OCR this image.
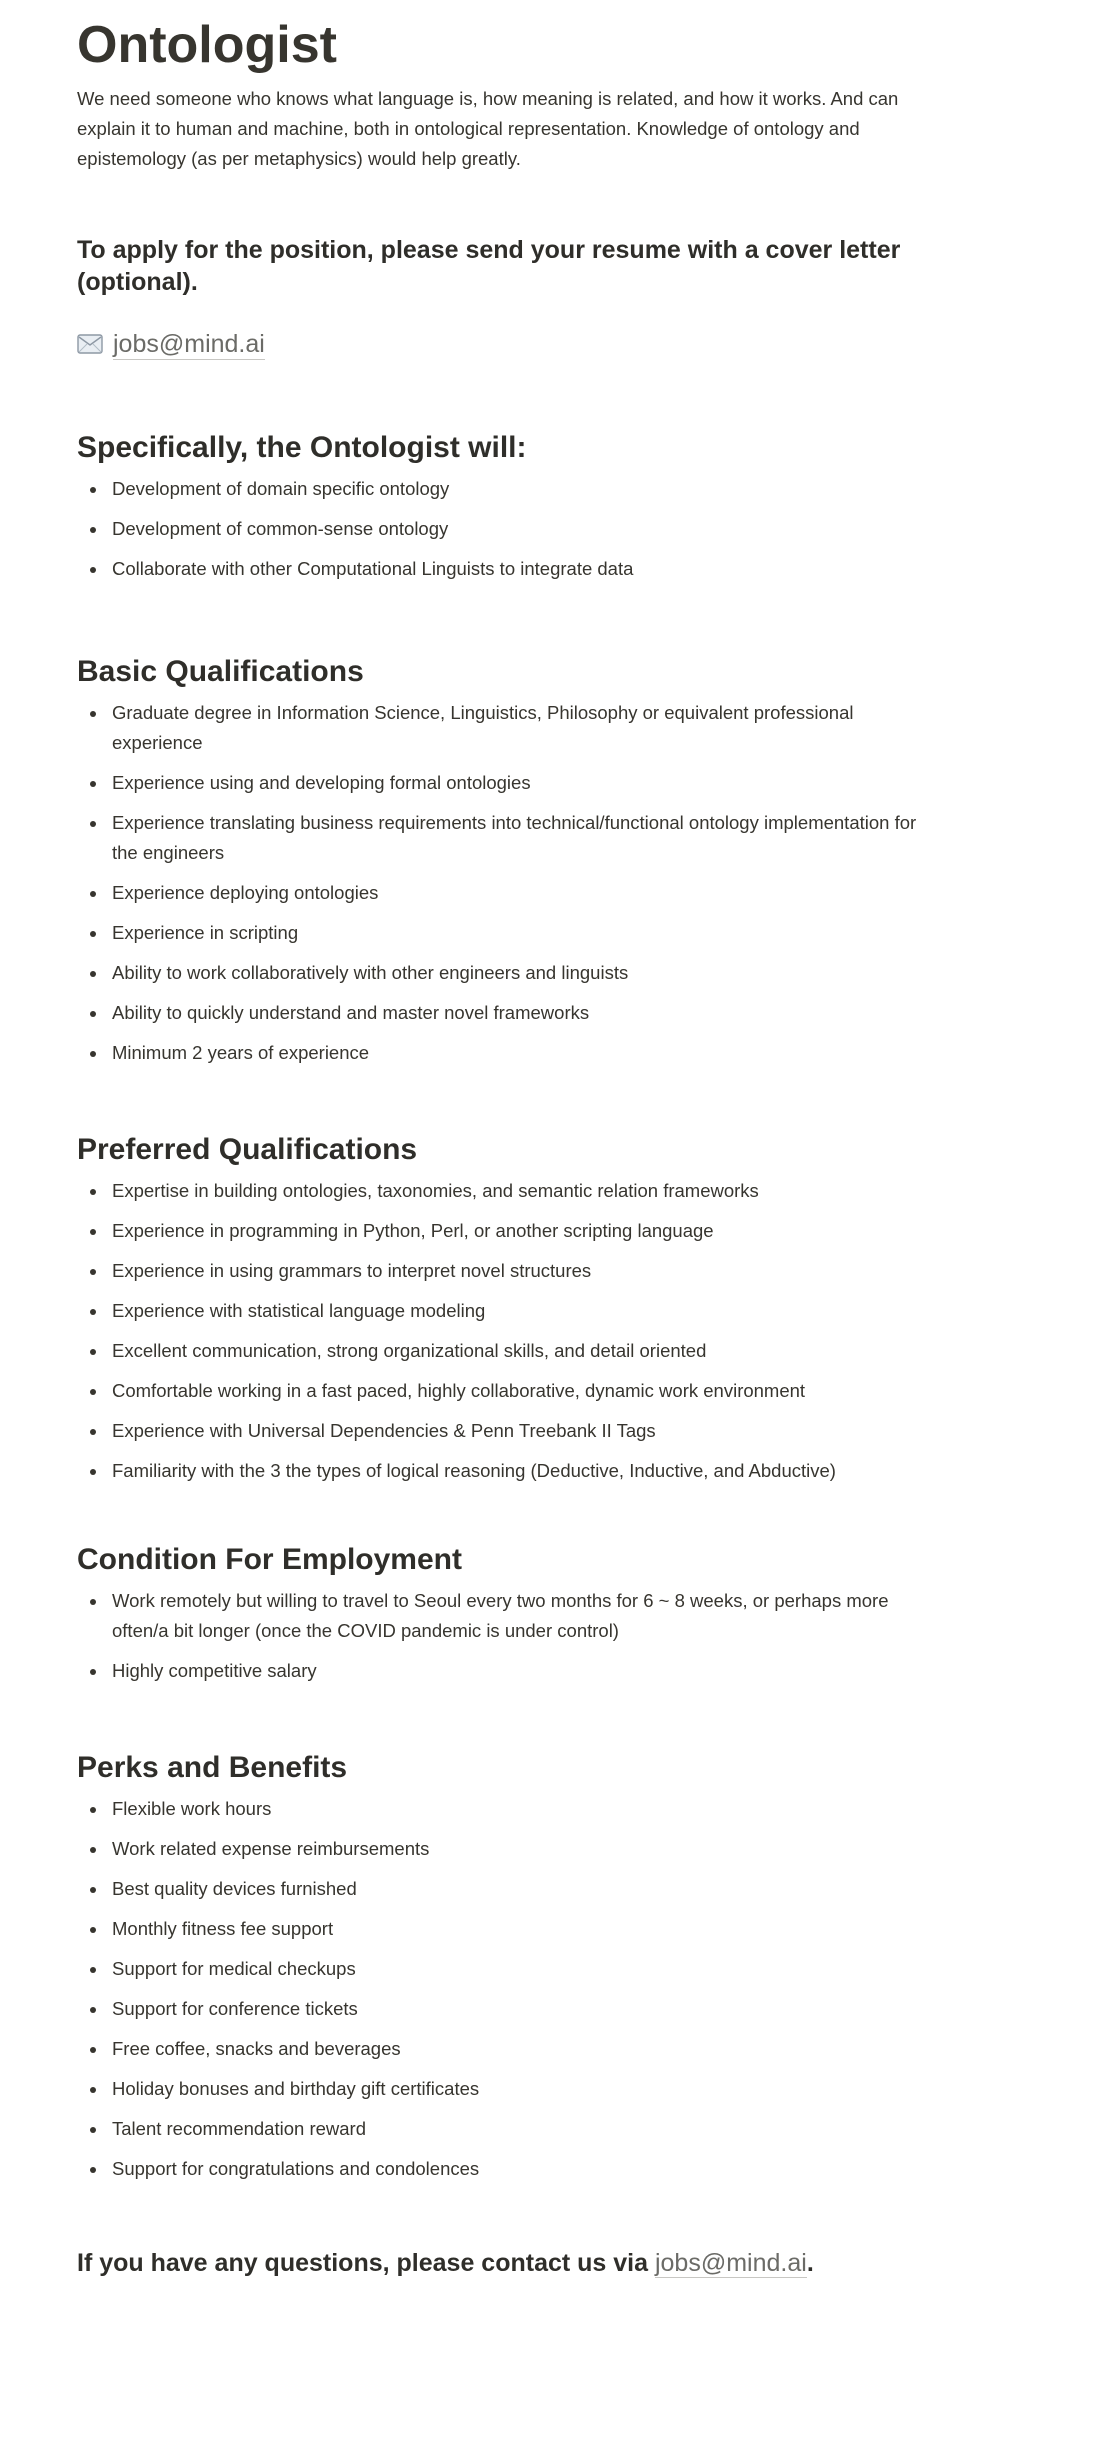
Ontologist

We need someone who knows what language is, how meaning is related, and how it works. And can explain it to human and machine, both in ontological representation. Knowledge of ontology and epistemology (as per metaphysics) would help greatly.

To apply for the position, please send your resume with a cover letter (optional).

jobs@mind.ai
Specifically, the Ontologist will:
Development of domain specific ontology
Development of common-sense ontology
Collaborate with other Computational Linguists to integrate data
Basic Qualifications
Graduate degree in Information Science, Linguistics, Philosophy or equivalent professional experience
Experience using and developing formal ontologies
Experience translating business requirements into technical/functional ontology implementation for the engineers
Experience deploying ontologies
Experience in scripting
Ability to work collaboratively with other engineers and linguists
Ability to quickly understand and master novel frameworks
Minimum 2 years of experience
Preferred Qualifications
Expertise in building ontologies, taxonomies, and semantic relation frameworks
Experience in programming in Python, Perl, or another scripting language
Experience in using grammars to interpret novel structures
Experience with statistical language modeling
Excellent communication, strong organizational skills, and detail oriented
Comfortable working in a fast paced, highly collaborative, dynamic work environment
Experience with Universal Dependencies & Penn Treebank II Tags
Familiarity with the 3 the types of logical reasoning (Deductive, Inductive, and Abductive)
Condition For Employment
Work remotely but willing to travel to Seoul every two months for 6 ~ 8 weeks, or perhaps more often/a bit longer (once the COVID pandemic is under control)
Highly competitive salary
Perks and Benefits
Flexible work hours
Work related expense reimbursements
Best quality devices furnished
Monthly fitness fee support
Support for medical checkups
Support for conference tickets
Free coffee, snacks and beverages
Holiday bonuses and birthday gift certificates
Talent recommendation reward
Support for congratulations and condolences

If you have any questions, please contact us via jobs@mind.ai.
